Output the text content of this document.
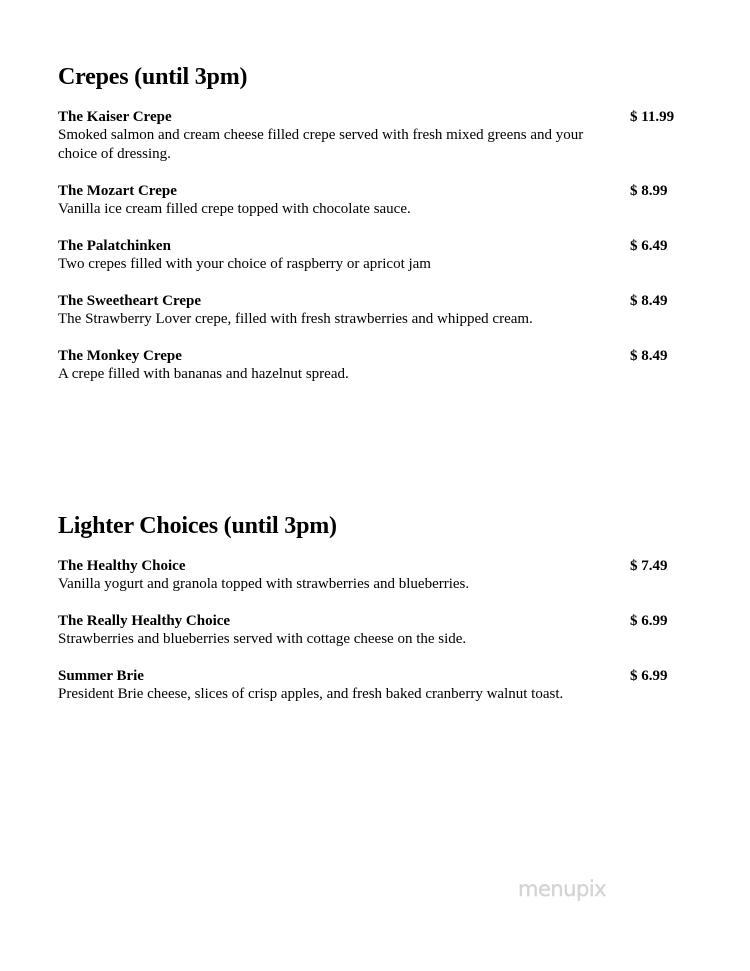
Crepes (until 3pm)
The Kaiser Crepe	$ 11.99
Smoked salmon and cream cheese filled crepe served with fresh mixed greens and your choice of dressing.
The Mozart Crepe	$ 8.99
Vanilla ice cream filled crepe topped with chocolate sauce.
The Palatchinken	$ 6.49
Two crepes filled with your choice of raspberry or apricot jam
The Sweetheart Crepe	$ 8.49
The Strawberry Lover crepe, filled with fresh strawberries and whipped cream.
The Monkey Crepe	$ 8.49
A crepe filled with bananas and hazelnut spread.
Lighter Choices (until 3pm)
The Healthy Choice	$ 7.49
Vanilla yogurt and granola topped with strawberries and blueberries.
The Really Healthy Choice	$ 6.99
Strawberries and blueberries served with cottage cheese on the side.
Summer Brie	$ 6.99
President Brie cheese, slices of crisp apples, and fresh baked cranberry walnut toast.
menupix
